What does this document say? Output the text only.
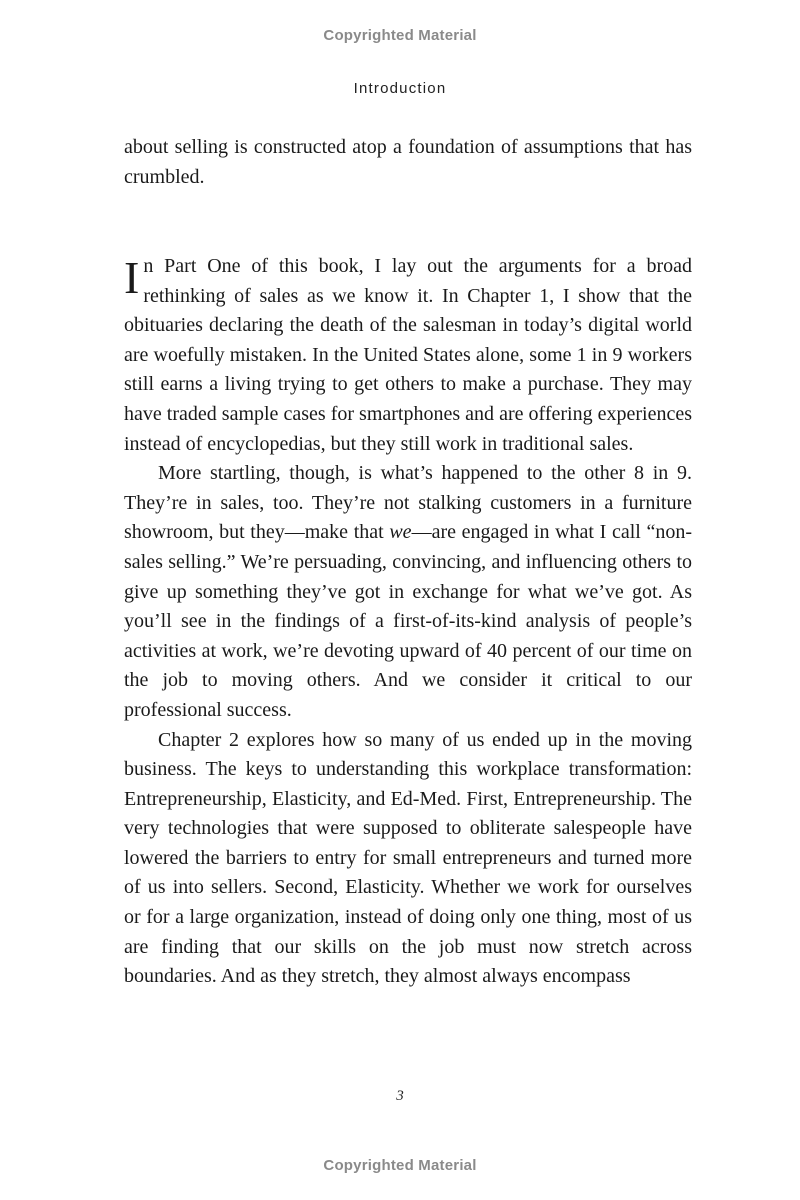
Copyrighted Material
Introduction

about selling is constructed atop a foundation of assumptions that has crumbled.

In Part One of this book, I lay out the arguments for a broad rethinking of sales as we know it. In Chapter 1, I show that the obituaries declaring the death of the salesman in today’s digital world are woefully mistaken. In the United States alone, some 1 in 9 workers still earns a living trying to get others to make a purchase. They may have traded sample cases for smartphones and are offering experiences instead of encyclopedias, but they still work in traditional sales.

More startling, though, is what’s happened to the other 8 in 9. They’re in sales, too. They’re not stalking customers in a furniture showroom, but they—make that we—are engaged in what I call “non-sales selling.” We’re persuading, convincing, and influencing others to give up something they’ve got in exchange for what we’ve got. As you’ll see in the findings of a first-of-its-kind analysis of people’s activities at work, we’re devoting upward of 40 percent of our time on the job to moving others. And we consider it critical to our professional success.

Chapter 2 explores how so many of us ended up in the moving business. The keys to understanding this workplace transformation: Entrepreneurship, Elasticity, and Ed-Med. First, Entrepreneurship. The very technologies that were supposed to obliterate salespeople have lowered the barriers to entry for small entrepreneurs and turned more of us into sellers. Second, Elasticity. Whether we work for ourselves or for a large organization, instead of doing only one thing, most of us are finding that our skills on the job must now stretch across boundaries. And as they stretch, they almost always encompass

3
Copyrighted Material
